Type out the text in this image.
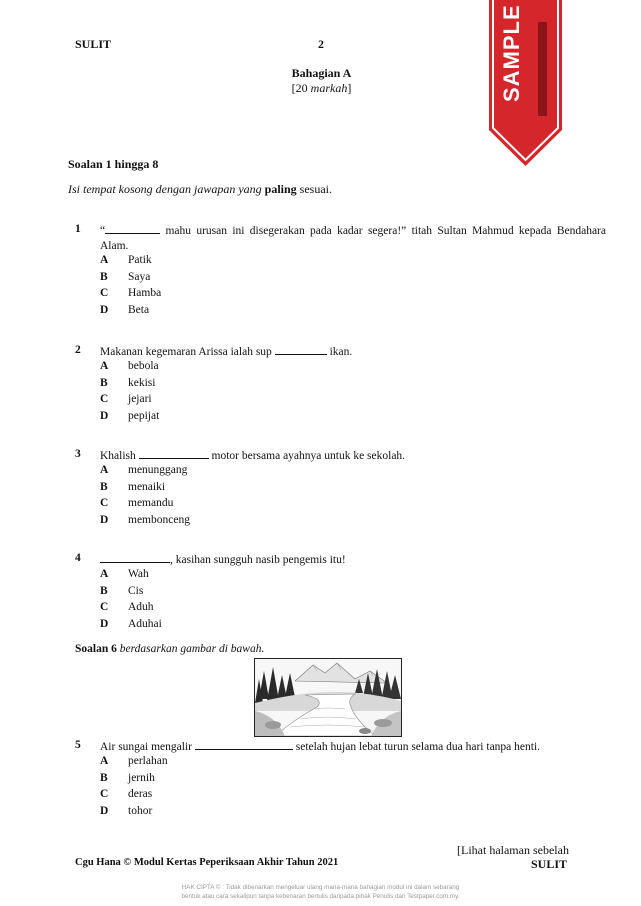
SULIT	2
Bahagian A
[20 markah]	SAMPLE
Soalan 1 hingga 8
Isi tempat kosong dengan jawapan yang paling sesuai.
1	“	mahu urusan ini disegerakan pada kadar segera!” titah Sultan Mahmud kepada Bendahara Alam.
A Patik
B Saya
C Hamba
D Beta
2	Makanan kegemaran Arissa ialah sup	ikan.
A bebola
B kekisi
C jejari
D pepijat
3	Khalish	motor bersama ayahnya untuk ke sekolah.
A menunggang
B menaiki
C memandu
D membonceng
4	, kasihan sungguh nasib pengemis itu!
A Wah
B Cis
C Aduh
D Aduhai
Soalan 6 berdasarkan gambar di bawah.
5	Air sungai mengalir	setelah hujan lebat turun selama dua hari tanpa henti.
A perlahan
B jernih
C deras
D tohor
[Lihat halaman sebelah
SULIT
Cgu Hana © Modul Kertas Peperiksaan Akhir Tahun 2021
HAK CIPTA © : Tidak dibenarkan mengeluar ulang mana-mana bahagian modul ini dalam sebarang
bentuk atau cara sekalipun tanpa kebenaran bertulis daripada pihak Penulis dan Testpaper.com.my.
